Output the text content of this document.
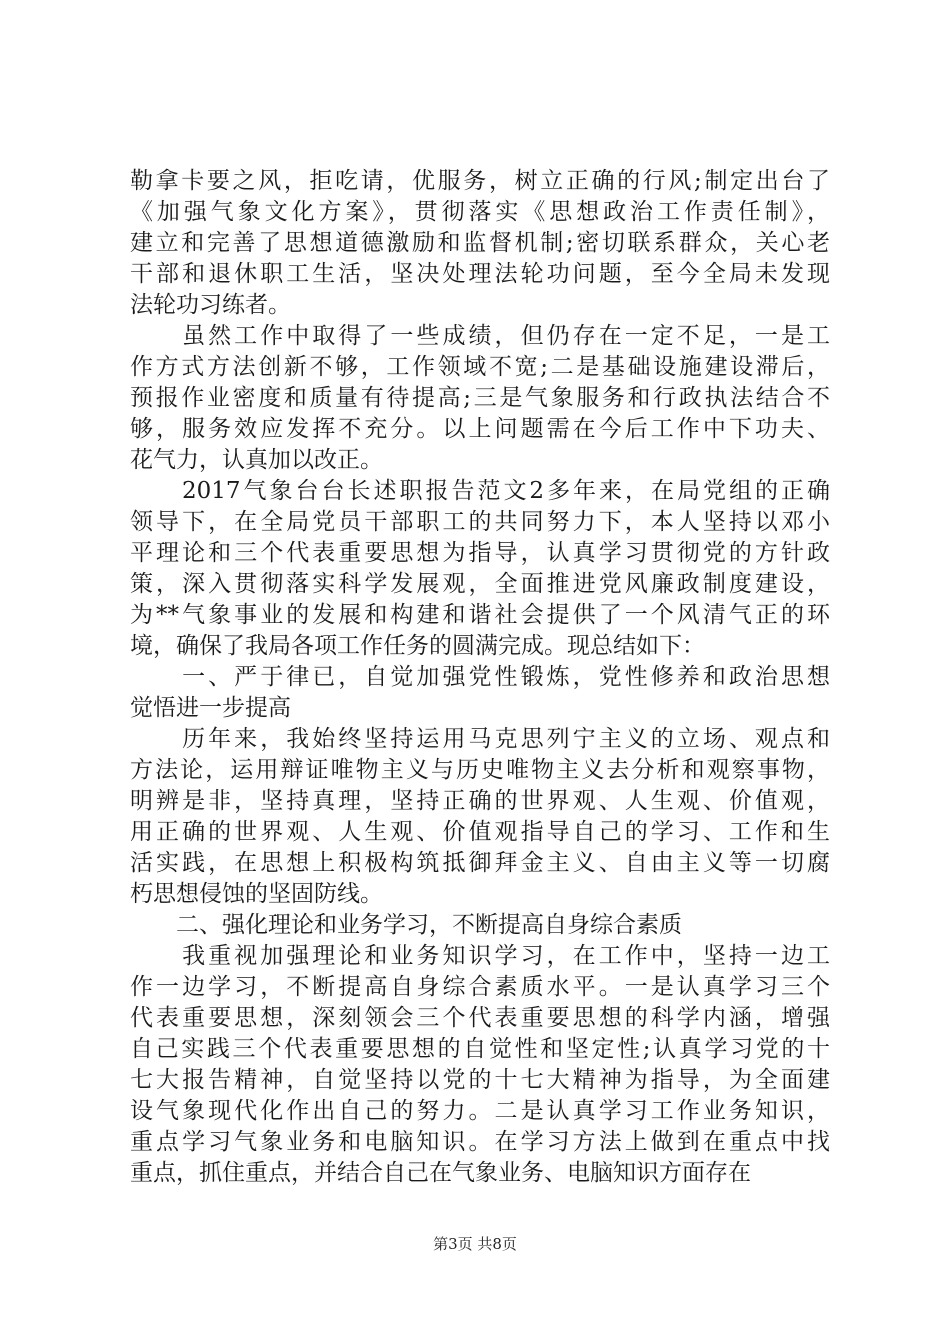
勒拿卡要之风，拒吃请，优服务，树立正确的行风;制定出台了
《加强气象文化方案》，贯彻落实《思想政治工作责任制》，
建立和完善了思想道德激励和监督机制;密切联系群众，关心老
干部和退休职工生活，坚决处理法轮功问题，至今全局未发现
法轮功习练者。
　　虽然工作中取得了一些成绩，但仍存在一定不足，一是工
作方式方法创新不够，工作领域不宽;二是基础设施建设滞后，
预报作业密度和质量有待提高;三是气象服务和行政执法结合不
够，服务效应发挥不充分。以上问题需在今后工作中下功夫、
花气力，认真加以改正。
　　2017气象台台长述职报告范文2多年来，在局党组的正确
领导下，在全局党员干部职工的共同努力下，本人坚持以邓小
平理论和三个代表重要思想为指导，认真学习贯彻党的方针政
策，深入贯彻落实科学发展观，全面推进党风廉政制度建设，
为**气象事业的发展和构建和谐社会提供了一个风清气正的环
境，确保了我局各项工作任务的圆满完成。现总结如下：
　　一、严于律已，自觉加强党性锻炼，党性修养和政治思想
觉悟进一步提高
　　历年来，我始终坚持运用马克思列宁主义的立场、观点和
方法论，运用辩证唯物主义与历史唯物主义去分析和观察事物，
明辨是非，坚持真理，坚持正确的世界观、人生观、价值观，
用正确的世界观、人生观、价值观指导自己的学习、工作和生
活实践，在思想上积极构筑抵御拜金主义、自由主义等一切腐
朽思想侵蚀的坚固防线。
　　二、强化理论和业务学习，不断提高自身综合素质
　　我重视加强理论和业务知识学习，在工作中，坚持一边工
作一边学习，不断提高自身综合素质水平。一是认真学习三个
代表重要思想，深刻领会三个代表重要思想的科学内涵，增强
自己实践三个代表重要思想的自觉性和坚定性;认真学习党的十
七大报告精神，自觉坚持以党的十七大精神为指导，为全面建
设气象现代化作出自己的努力。二是认真学习工作业务知识，
重点学习气象业务和电脑知识。在学习方法上做到在重点中找
重点，抓住重点，并结合自己在气象业务、电脑知识方面存在
第3页 共8页
